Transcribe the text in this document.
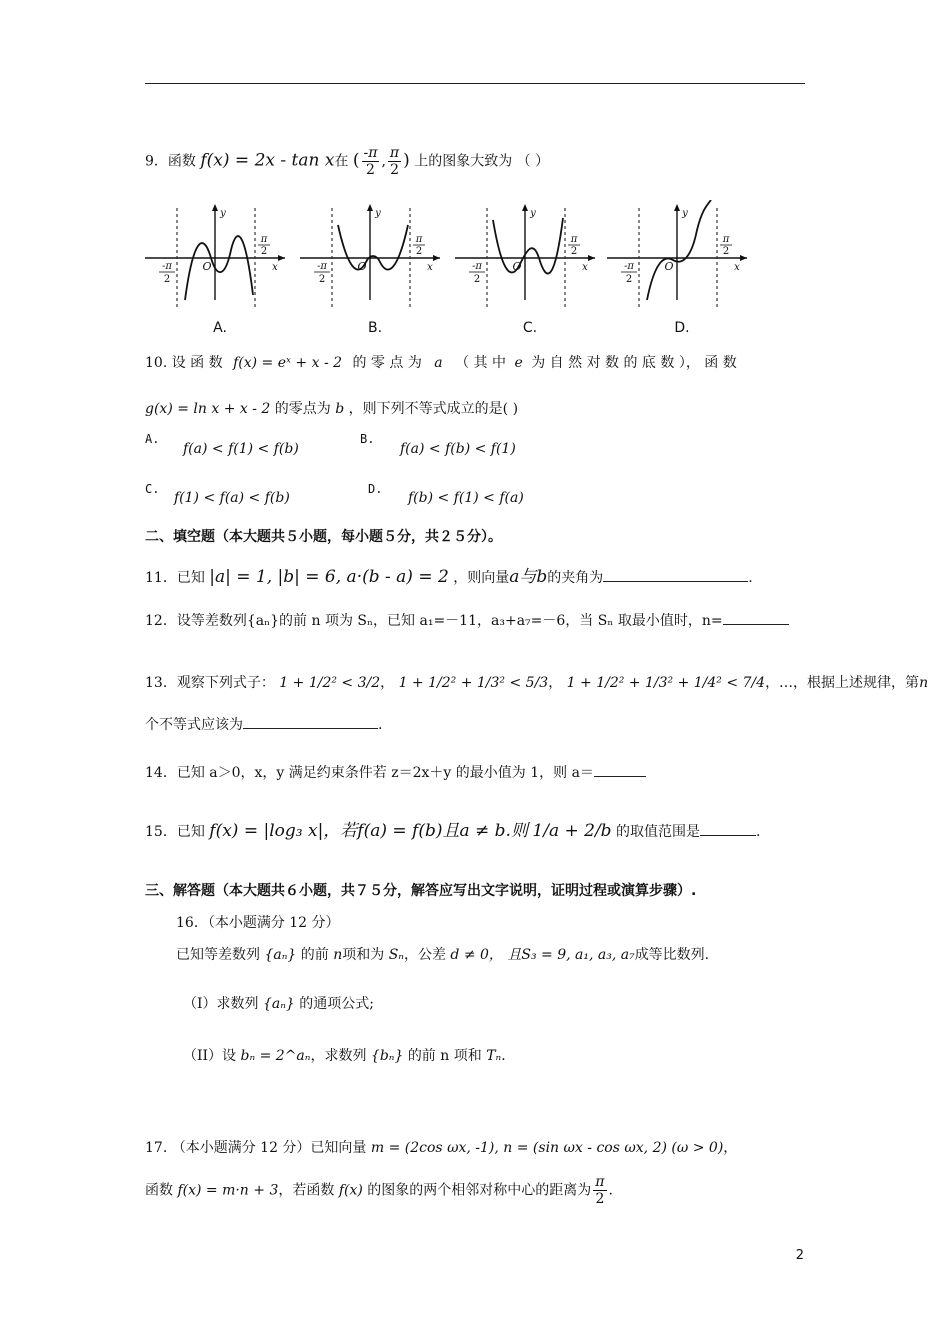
9．函数 f(x) = 2x - tan x在 ( $\frac{-\pi}{2}$ , $\frac{\pi}{2}$ ) 上的图象大致为 （ ）
y
x
O
π
2
-π
2
A.
y
x
O
π
2
-π
2
B.
y
x
O
π
2
-π
2
C.
y
x
O
π
2
-π
2
D.
10. 设 函 数 f(x) = eˣ + x - 2 的 零 点 为 a （ 其 中 e 为 自 然 对 数 的 底 数 ）， 函 数
g(x) = ln x + x - 2 的零点为 b ，则下列不等式成立的是( )
A.
f(a) < f(1) < f(b)
B.
f(a) < f(b) < f(1)
C.
f(1) < f(a) < f(b)
D.
f(b) < f(1) < f(a)
二、填空题（本大题共５小题，每小题５分，共２５分）。
11．已知 |a| = 1, |b| = 6, a·(b - a) = 2 ，则向量a与b的夹角为	.
12．设等差数列{aₙ}的前 n 项为 Sₙ，已知 a₁=－11，a₃+a₇=－6，当 Sₙ 取最小值时，n=
13．观察下列式子： 1 + 1/2² < 3/2， 1 + 1/2² + 1/3² < 5/3， 1 + 1/2² + 1/3² + 1/4² < 7/4，…，根据上述规律，第n
个不等式应该为	.
14．已知 a＞0，x，y 满足约束条件若 z＝2x＋y 的最小值为 1，则 a＝
15．已知 f(x) = |log₃ x|，若f(a) = f(b)且a ≠ b.则 1/a + 2/b 的取值范围是	.
三、解答题（本大题共６小题，共７５分，解答应写出文字说明，证明过程或演算步骤）.
16．（本小题满分 12 分）
已知等差数列 {aₙ} 的前 n项和为 Sₙ，公差 d ≠ 0， 且S₃ = 9, a₁, a₃, a₇成等比数列.
（I）求数列 {aₙ} 的通项公式;
（II）设 bₙ = 2^aₙ，求数列 {bₙ} 的前 n 项和 Tₙ.
17. （本小题满分 12 分）已知向量 m = (2cos ωx, -1), n = (sin ωx - cos ωx, 2) (ω > 0)，
函数 f(x) = m·n + 3，若函数 f(x) 的图象的两个相邻对称中心的距离为 $\frac{\pi}{2}$ .
2
